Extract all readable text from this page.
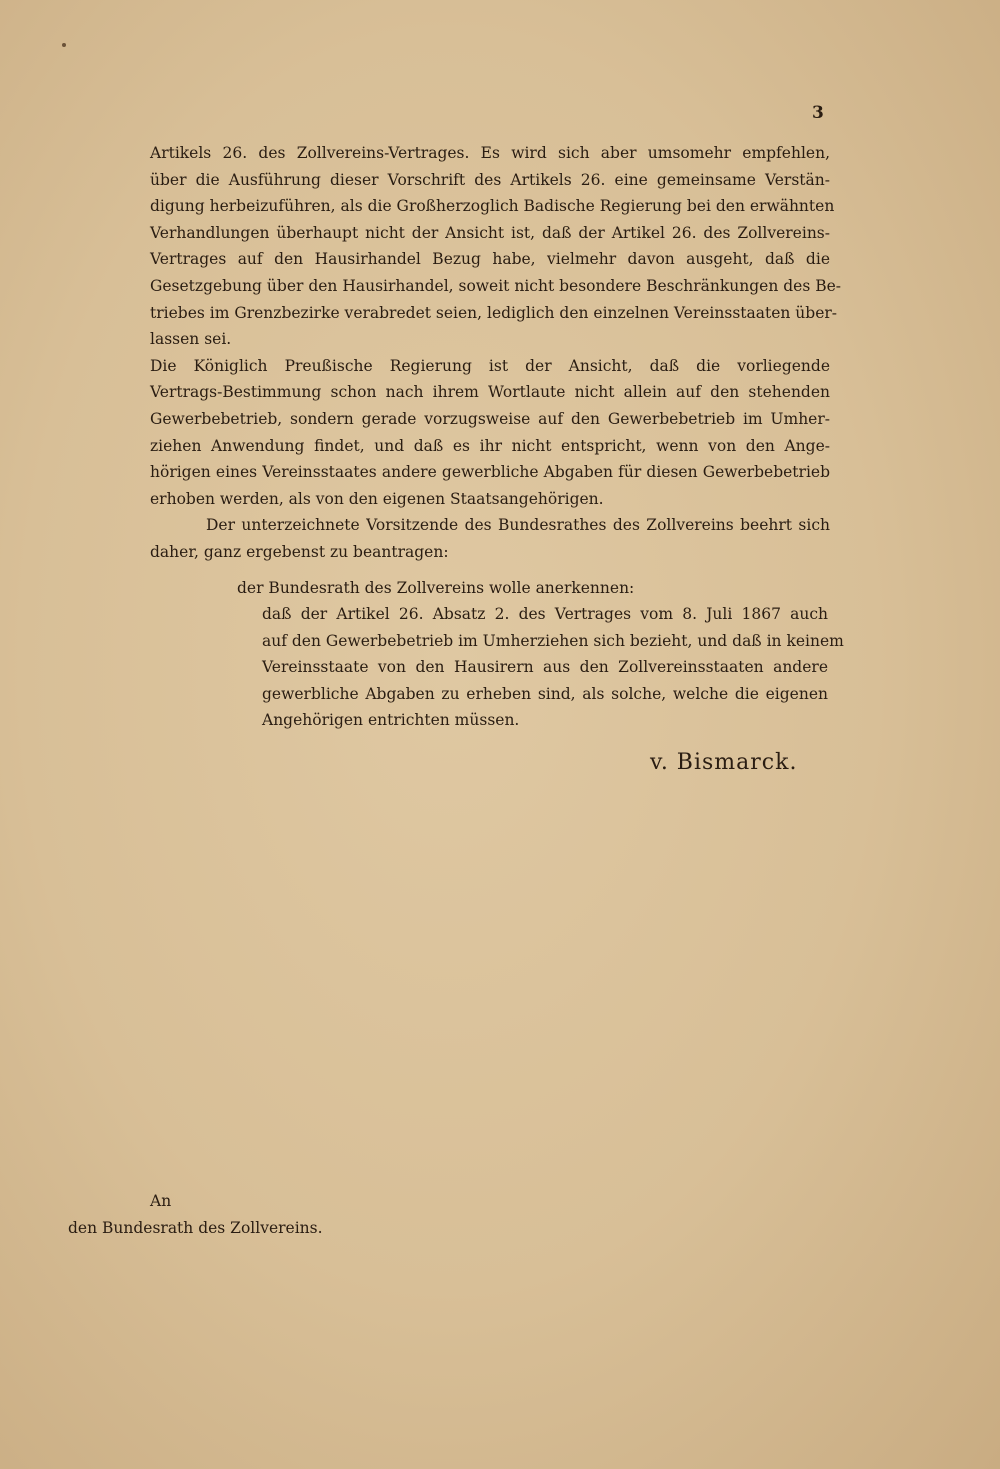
3
Artikels 26. des Zollvereins-Vertrages. Es wird sich aber umsomehr empfehlen,
über die Ausführung dieser Vorschrift des Artikels 26. eine gemeinsame Verstän-
digung herbeizuführen, als die Großherzoglich Badische Regierung bei den erwähnten
Verhandlungen überhaupt nicht der Ansicht ist, daß der Artikel 26. des Zollvereins-
Vertrages auf den Hausirhandel Bezug habe, vielmehr davon ausgeht, daß die
Gesetzgebung über den Hausirhandel, soweit nicht besondere Beschränkungen des Be-
triebes im Grenzbezirke verabredet seien, lediglich den einzelnen Vereinsstaaten über-
lassen sei.
Die Königlich Preußische Regierung ist der Ansicht, daß die vorliegende
Vertrags-Bestimmung schon nach ihrem Wortlaute nicht allein auf den stehenden
Gewerbebetrieb, sondern gerade vorzugsweise auf den Gewerbebetrieb im Umher-
ziehen Anwendung findet, und daß es ihr nicht entspricht, wenn von den Ange-
hörigen eines Vereinsstaates andere gewerbliche Abgaben für diesen Gewerbebetrieb
erhoben werden, als von den eigenen Staatsangehörigen.
Der unterzeichnete Vorsitzende des Bundesrathes des Zollvereins beehrt sich
daher, ganz ergebenst zu beantragen:
der Bundesrath des Zollvereins wolle anerkennen:
daß der Artikel 26. Absatz 2. des Vertrages vom 8. Juli 1867 auch
auf den Gewerbebetrieb im Umherziehen sich bezieht, und daß in keinem
Vereinsstaate von den Hausirern aus den Zollvereinsstaaten andere
gewerbliche Abgaben zu erheben sind, als solche, welche die eigenen
Angehörigen entrichten müssen.
v. Bismarck.
An
den Bundesrath des Zollvereins.
